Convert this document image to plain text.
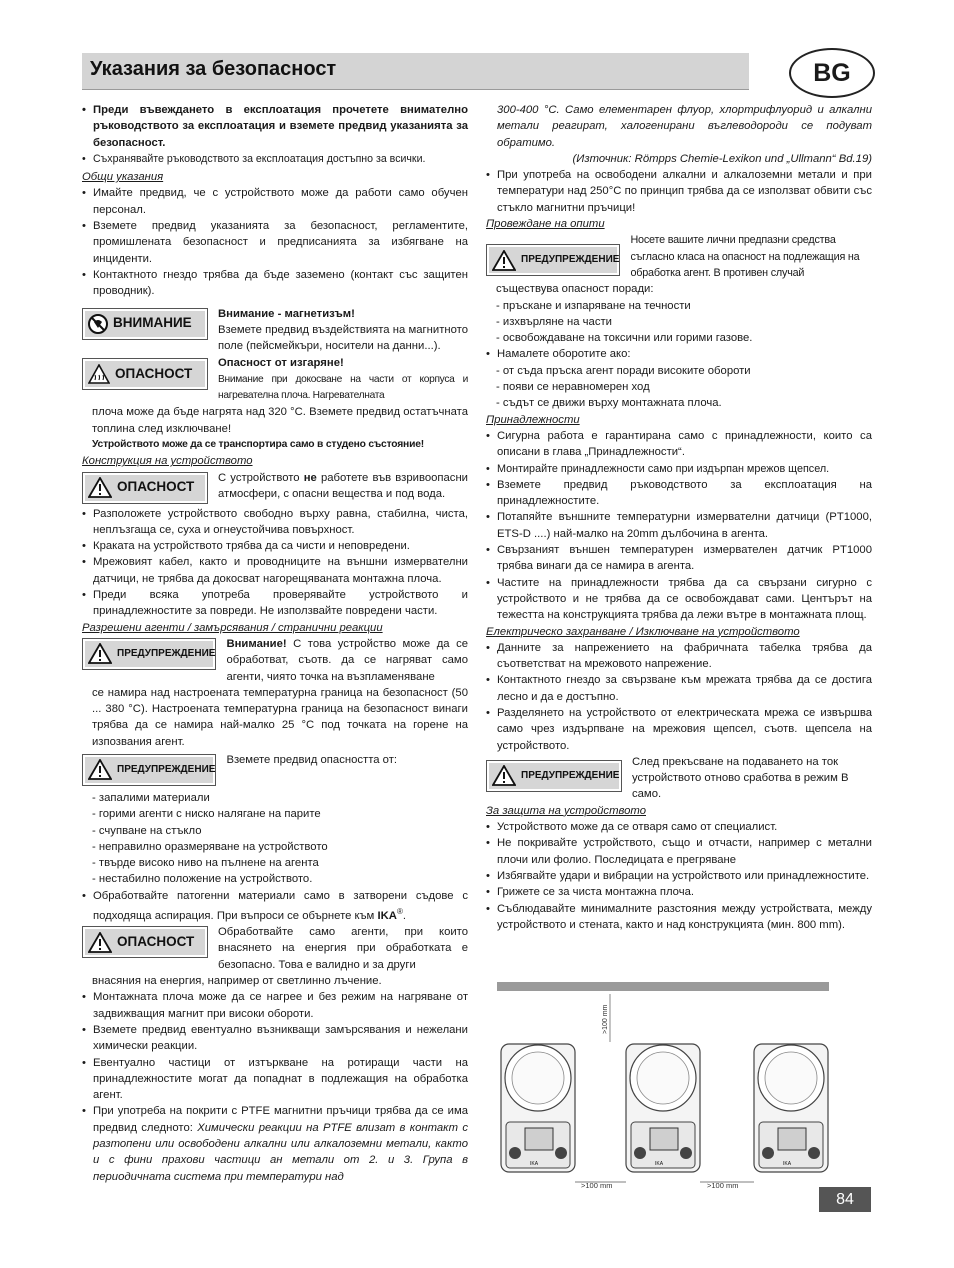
Указания за безопасност	BG

• Преди въвеждането в експлоатация прочетете внимателно ръководството за експлоатация и вземете предвид указанията за безопасност.

• Съхранявайте ръководството за експлоатация достъпно за всички.

Общи указания

• Имайте предвид, че с устройството може да работи само обучен персонал.

• Вземете предвид указанията за безопасност, регламентите, промишлената безопасност и предписанията за избягване на инциденти.

• Контактното гнездо трябва да бъде заземено (контакт със защитен проводник).

ВНИМАНИЕ

Внимание - магнетизъм!

Вземете предвид въздействията на магнитното поле (пейсмейкъри, носители на данни...).

ОПАСНОСТ

Опасност от изгаряне!

Внимание при докосване на части от корпуса и нагревателна плоча. Нагревателната

плоча може да бъде нагрята над 320 °C. Вземете предвид остатъчната топлина след изключване!

Устройството може да се транспортира само в студено състояние!

Конструкция на устройството

ОПАСНОСТ

С устройството не работете във взривоопасни атмосфери, с опасни вещества и под вода.

• Разположете устройството свободно върху равна, стабилна, чиста, неплъзгаща се, суха и огнеустойчива повърхност.

• Краката на устройството трябва да са чисти и неповредени.

• Мрежовият кабел, както и проводниците на външни измервателни датчици, не трябва да докосват нагорещяваната монтажна плоча.

• Преди всяка употреба проверявайте устройството и принадлежностите за повреди. Не използвайте повредени части.

Разрешени агенти / замърсявания / странични реакции

ПРЕДУПРЕЖДЕНИЕ

Внимание! С това устройство може да се обработват, съотв. да се нагряват само агенти, чиято точка на възпламеняване

се намира над настроената температурна граница на безопасност (50 ... 380 °C). Настроената температурна граница на безопасност винаги трябва да се намира най-малко 25 °C под точката на горене на изпозвания агент.

ПРЕДУПРЕЖДЕНИЕ

Вземете предвид опасността от:

- запалими материали

- горими агенти с ниско налягане на парите

- счупване на стъкло

- неправилно оразмеряване на устройството

- твърде високо ниво на пълнене на агента

- нестабилно положение на устройството.

• Обработвайте патогенни материали само в затворени съдове с подходяща аспирация. При въпроси се обърнете към IKA®.

ОПАСНОСТ

Обработвайте само агенти, при които внасянето на енергия при обработката е безопасно. Това е валидно и за други

внасяния на енергия, например от светлинно лъчение.

• Монтажната плоча може да се нагрее и без режим на нагряване от задвижващия магнит при високи обороти.

• Вземете предвид евентуално възникващи замърсявания и нежелани химически реакции.

• Евентуално частици от изтъркване на ротиращи части на принадлежностите могат да попаднат в подлежащия на обработка агент.

• При употреба на покрити с PTFE магнитни пръчици трябва да се има предвид следното: Химически реакции на PTFE влизат в контакт с разтопени или освободени алкални или алкалоземни метали, както и с фини прахови частици ан метали от 2. и 3. Група в периодичната система при температури над

300-400 °C. Само елементарен флуор, хлортрифлуорид и алкални метали реагират, халогенирани въглеводороди се подуват обратимо.

(Източник: Römpps Chemie-Lexikon und „Ullmann“ Bd.19)

• При употреба на освободени алкални и алкалоземни метали и при температури над 250°C по принцип трябва да се използват обвити със стъкло магнитни пръчици!

Провеждане на опити

ПРЕДУПРЕЖДЕНИЕ

Носете вашите лични предпазни средства съгласно класа на опасност на подлежащия на обработка агент. В противен случай

съществува опасност поради:

- пръскане и изпаряване на течности

- изхвърляне на части

- освобождаване на токсични или горими газове.

• Намалете оборотите ако:

- от съда пръска агент поради високите обороти

- появи се неравномерен ход

- съдът се движи върху монтажната плоча.

Принадлежности

• Сигурна работа е гарантирана само с принадлежности, които са описани в глава „Принадлежности“.

• Монтирайте принадлежности само при издърпан мрежов щепсел.

• Вземете предвид ръководството за експлоатация на принадлежностите.

• Потапяйте външните температурни измервателни датчици (PT1000, ETS-D ....) най-малко на 20mm дълбочина в агента.

• Свързаният външен температурен измервателен датчик PT1000 трябва винаги да се намира в агента.

• Частите на принадлежности трябва да са свързани сигурно с устройството и не трябва да се освобождават сами. Центърът на тежестта на конструкцията трябва да лежи вътре в монтажната площ.

Електрическо захранване / Изключване на устройството

• Данните за напрежението на фабричната табелка трябва да съответстват на мрежовото напрежение.

• Контактното гнездо за свързване към мрежата трябва да се достига лесно и да е достъпно.

• Разделянето на устройството от електрическата мрежа се извършва само чрез издърпване на мрежовия щепсел, съотв. щепсела на устройството.

ПРЕДУПРЕЖДЕНИЕ

След прекъсване на подаването на ток устройството отново сработва в режим В само.

За защита на устройството

• Устройството може да се отваря само от специалист.

• Не покривайте устройството, също и отчасти, например с метални плочи или фолио. Последицата е прегряване

• Избягвайте удари и вибрации на устройството или принадлежностите.

• Грижете се за чиста монтажна плоча.

• Съблюдавайте минималните разстояния между устройствата, между устройството и стената, както и над конструкцията (мин. 800 mm).

>100 mm
IKA	IKA	IKA
>100 mm	>100 mm
84
